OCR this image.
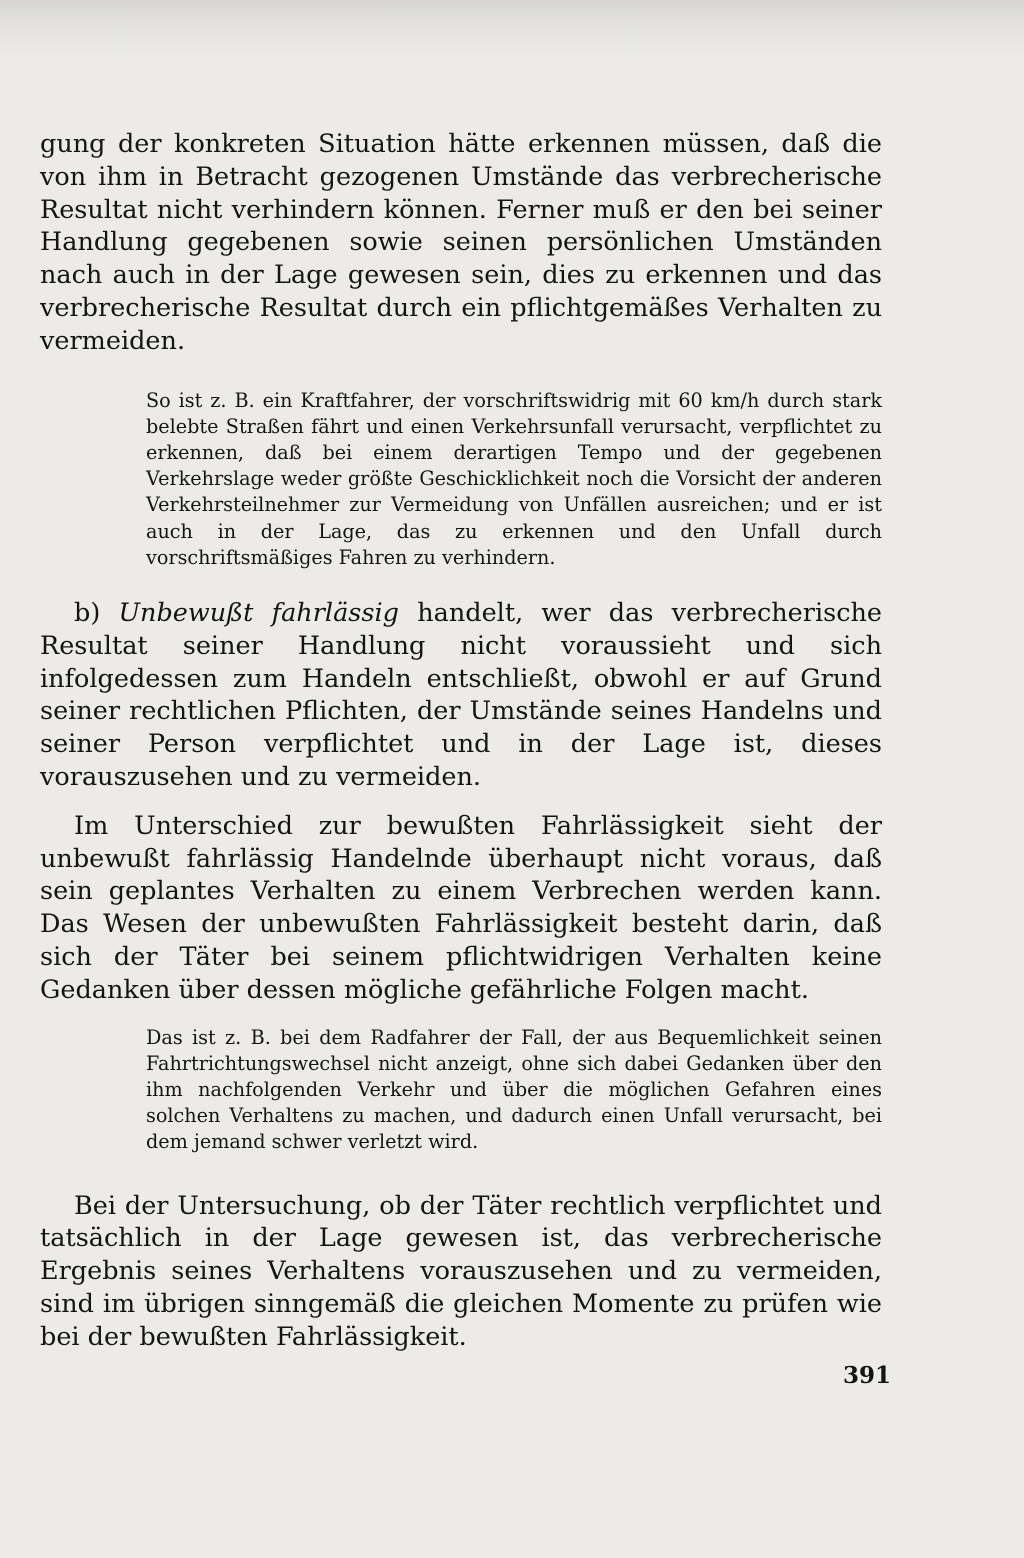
gung der konkreten Situation hätte erkennen müssen, daß die von ihm in Betracht gezogenen Umstände das verbrecherische Resultat nicht verhindern können. Ferner muß er den bei seiner Handlung gegebenen sowie seinen persönlichen Umständen nach auch in der Lage gewesen sein, dies zu erkennen und das verbrecherische Resultat durch ein pflichtgemäßes Verhalten zu vermeiden.

So ist z. B. ein Kraftfahrer, der vorschriftswidrig mit 60 km/h durch stark belebte Straßen fährt und einen Verkehrsunfall verursacht, verpflichtet zu erkennen, daß bei einem derartigen Tempo und der gegebenen Verkehrslage weder größte Geschicklichkeit noch die Vorsicht der anderen Verkehrsteilnehmer zur Vermeidung von Unfällen ausreichen; und er ist auch in der Lage, das zu erkennen und den Unfall durch vorschriftsmäßiges Fahren zu verhindern.

b) Unbewußt fahrlässig handelt, wer das verbrecherische Resultat seiner Handlung nicht voraussieht und sich infolgedessen zum Handeln entschließt, obwohl er auf Grund seiner rechtlichen Pflichten, der Umstände seines Handelns und seiner Person verpflichtet und in der Lage ist, dieses vorauszusehen und zu vermeiden.

Im Unterschied zur bewußten Fahrlässigkeit sieht der unbewußt fahrlässig Handelnde überhaupt nicht voraus, daß sein geplantes Verhalten zu einem Verbrechen werden kann. Das Wesen der unbewußten Fahrlässigkeit besteht darin, daß sich der Täter bei seinem pflichtwidrigen Verhalten keine Gedanken über dessen mögliche gefährliche Folgen macht.

Das ist z. B. bei dem Radfahrer der Fall, der aus Bequemlichkeit seinen Fahrtrichtungswechsel nicht anzeigt, ohne sich dabei Gedanken über den ihm nachfolgenden Verkehr und über die möglichen Gefahren eines solchen Verhaltens zu machen, und dadurch einen Unfall verursacht, bei dem jemand schwer verletzt wird.

Bei der Untersuchung, ob der Täter rechtlich verpflichtet und tatsächlich in der Lage gewesen ist, das verbrecherische Ergebnis seines Verhaltens vorauszusehen und zu vermeiden, sind im übrigen sinngemäß die gleichen Momente zu prüfen wie bei der bewußten Fahrlässigkeit.

391
